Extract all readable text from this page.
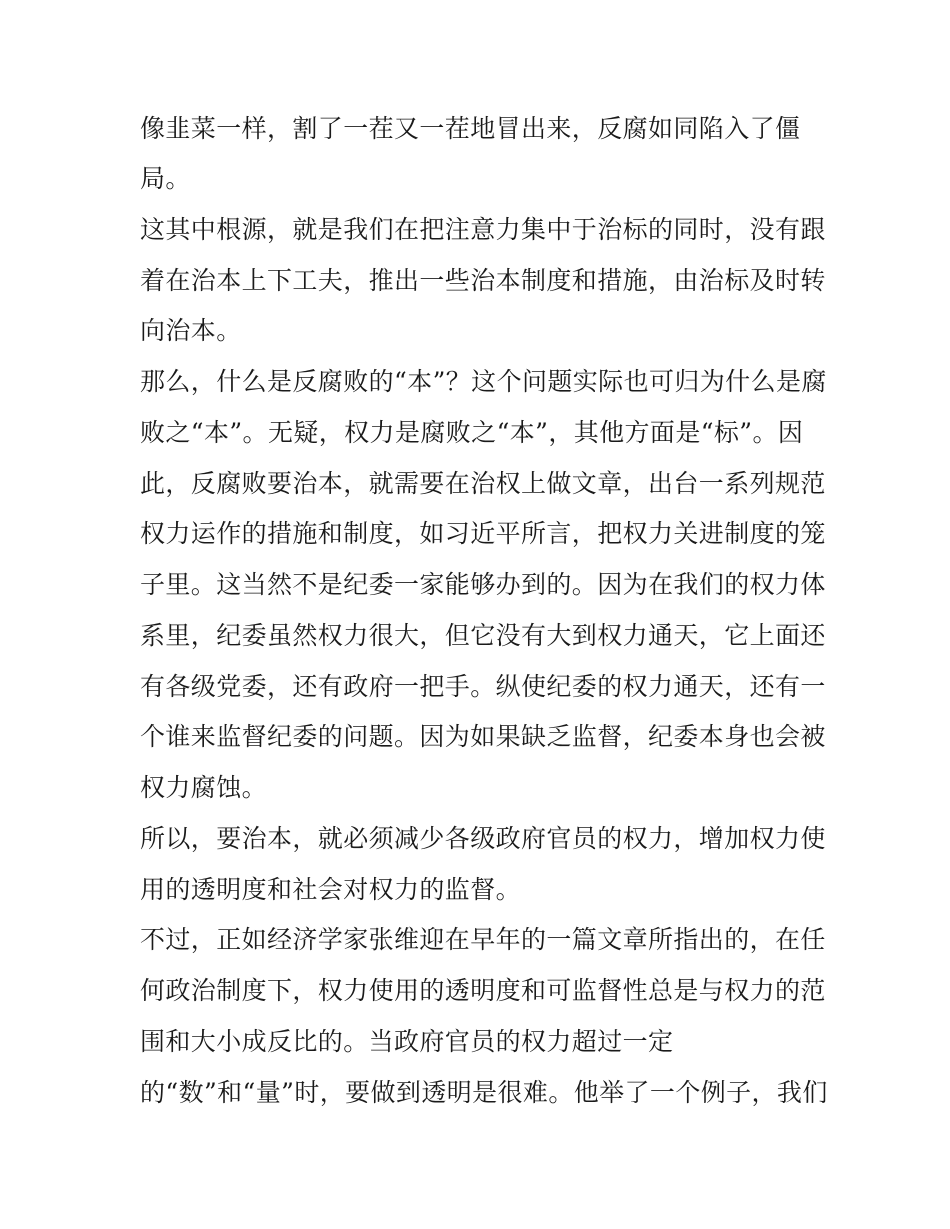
像韭菜一样，割了一茬又一茬地冒出来，反腐如同陷入了僵
局。
这其中根源，就是我们在把注意力集中于治标的同时，没有跟
着在治本上下工夫，推出一些治本制度和措施，由治标及时转
向治本。
那么，什么是反腐败的“本”？这个问题实际也可归为什么是腐
败之“本”。无疑，权力是腐败之“本”，其他方面是“标”。因
此，反腐败要治本，就需要在治权上做文章，出台一系列规范
权力运作的措施和制度，如习近平所言，把权力关进制度的笼
子里。这当然不是纪委一家能够办到的。因为在我们的权力体
系里，纪委虽然权力很大，但它没有大到权力通天，它上面还
有各级党委，还有政府一把手。纵使纪委的权力通天，还有一
个谁来监督纪委的问题。因为如果缺乏监督，纪委本身也会被
权力腐蚀。
所以，要治本，就必须减少各级政府官员的权力，增加权力使
用的透明度和社会对权力的监督。
不过，正如经济学家张维迎在早年的一篇文章所指出的，在任
何政治制度下，权力使用的透明度和可监督性总是与权力的范
围和大小成反比的。当政府官员的权力超过一定
的“数”和“量”时，要做到透明是很难。他举了一个例子，我们
